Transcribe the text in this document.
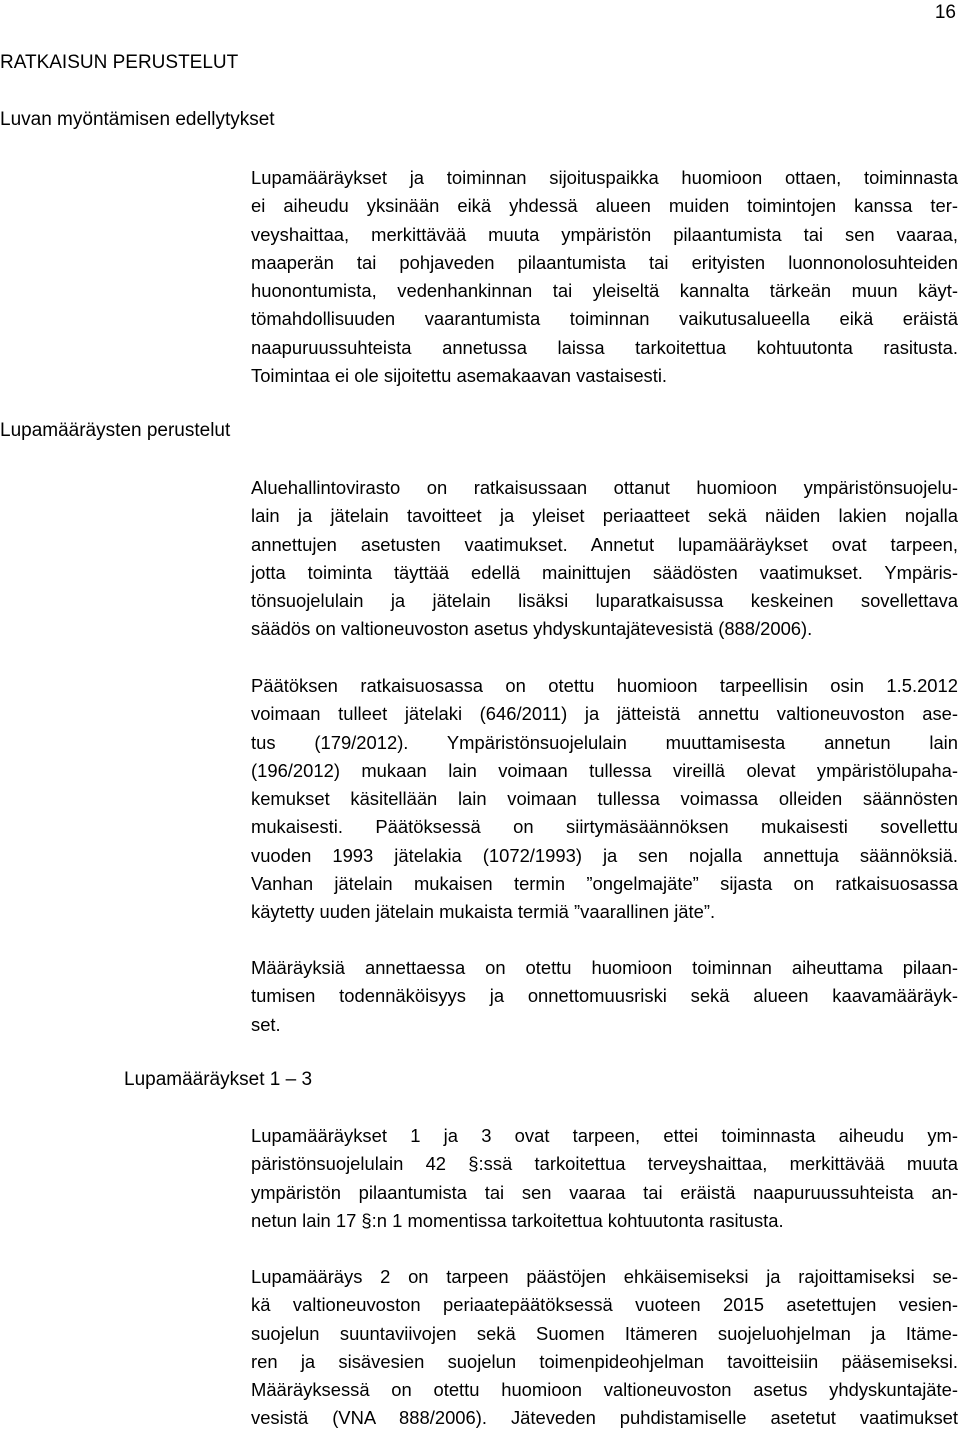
16
RATKAISUN PERUSTELUT
Luvan myöntämisen edellytykset
Lupamääräysten perustelut
Lupamääräykset 1 – 3
Lupamääräykset ja toiminnan sijoituspaikka huomioon ottaen, toiminnasta
ei aiheudu yksinään eikä yhdessä alueen muiden toimintojen kanssa ter-
veyshaittaa, merkittävää muuta ympäristön pilaantumista tai sen vaaraa,
maaperän tai pohjaveden pilaantumista tai erityisten luonnonolosuhteiden
huonontumista, vedenhankinnan tai yleiseltä kannalta tärkeän muun käyt-
tömahdollisuuden vaarantumista toiminnan vaikutusalueella eikä eräistä
naapuruussuhteista annetussa laissa tarkoitettua kohtuutonta rasitusta.
Toimintaa ei ole sijoitettu asemakaavan vastaisesti.
Aluehallintovirasto on ratkaisussaan ottanut huomioon ympäristönsuojelu-
lain ja jätelain tavoitteet ja yleiset periaatteet sekä näiden lakien nojalla
annettujen asetusten vaatimukset. Annetut lupamääräykset ovat tarpeen,
jotta toiminta täyttää edellä mainittujen säädösten vaatimukset. Ympäris-
tönsuojelulain ja jätelain lisäksi luparatkaisussa keskeinen sovellettava
säädös on valtioneuvoston asetus yhdyskuntajätevesistä (888/2006).
Päätöksen ratkaisuosassa on otettu huomioon tarpeellisin osin 1.5.2012
voimaan tulleet jätelaki (646/2011) ja jätteistä annettu valtioneuvoston ase-
tus (179/2012). Ympäristönsuojelulain muuttamisesta annetun lain
(196/2012) mukaan lain voimaan tullessa vireillä olevat ympäristölupaha-
kemukset käsitellään lain voimaan tullessa voimassa olleiden säännösten
mukaisesti. Päätöksessä on siirtymäsäännöksen mukaisesti sovellettu
vuoden 1993 jätelakia (1072/1993) ja sen nojalla annettuja säännöksiä.
Vanhan jätelain mukaisen termin ”ongelmajäte” sijasta on ratkaisuosassa
käytetty uuden jätelain mukaista termiä ”vaarallinen jäte”.
Määräyksiä annettaessa on otettu huomioon toiminnan aiheuttama pilaan-
tumisen todennäköisyys ja onnettomuusriski sekä alueen kaavamääräyk-
set.
Lupamääräykset 1 ja 3 ovat tarpeen, ettei toiminnasta aiheudu ym-
päristönsuojelulain 42 §:ssä tarkoitettua terveyshaittaa, merkittävää muuta
ympäristön pilaantumista tai sen vaaraa tai eräistä naapuruussuhteista an-
netun lain 17 §:n 1 momentissa tarkoitettua kohtuutonta rasitusta.
Lupamääräys 2 on tarpeen päästöjen ehkäisemiseksi ja rajoittamiseksi se-
kä valtioneuvoston periaatepäätöksessä vuoteen 2015 asetettujen vesien-
suojelun suuntaviivojen sekä Suomen Itämeren suojeluohjelman ja Itäme-
ren ja sisävesien suojelun toimenpideohjelman tavoitteisiin pääsemiseksi.
Määräyksessä on otettu huomioon valtioneuvoston asetus yhdyskuntajäte-
vesistä (VNA 888/2006). Jäteveden puhdistamiselle asetetut vaatimukset
